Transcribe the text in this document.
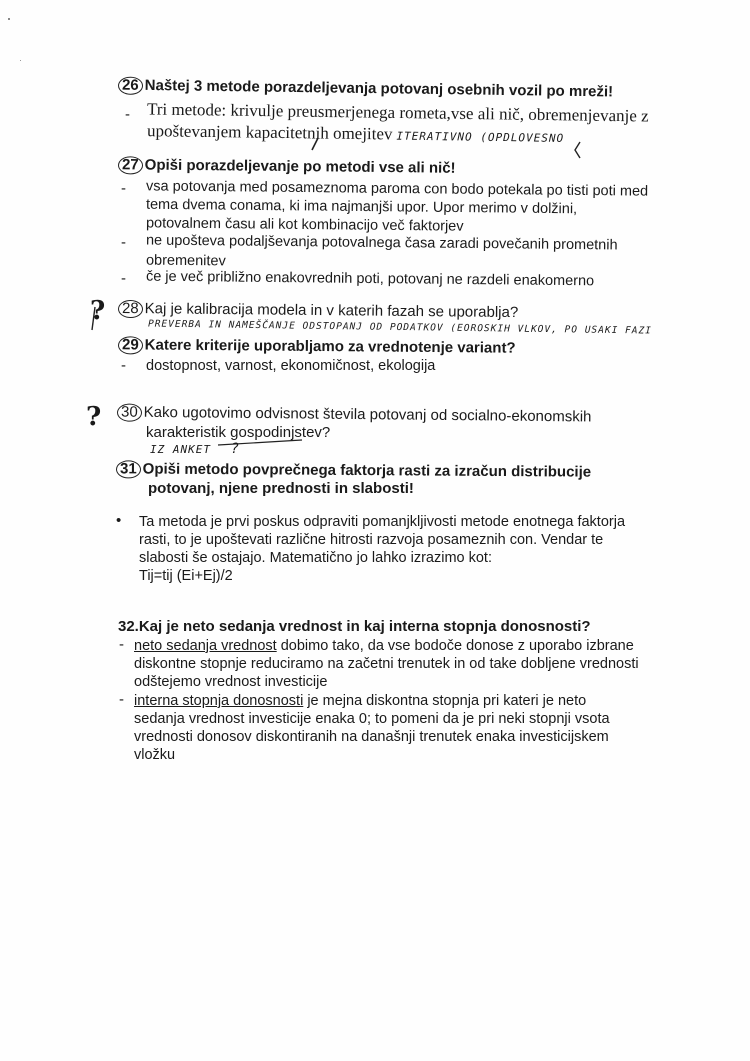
26 Naštej 3 metode porazdeljevanja potovanj osebnih vozil po mreži!
- Tri metode: krivulje preusmerjenega rometa,vse ali nič, obremenjevanje z
upoštevanjem kapacitetnih omejitev ITERATIVNO (OPDLOVESNO
27 Opiši porazdeljevanje po metodi vse ali nič!
- vsa potovanja med posameznoma paroma con bodo potekala po tisti poti med
tema dvema conama, ki ima najmanjši upor. Upor merimo v dolžini,
potovalnem času ali kot kombinacijo več faktorjev
- ne upošteva podaljševanja potovalnega časa zaradi povečanih prometnih
obremenitev
- če je več približno enakovrednih poti, potovanj ne razdeli enakomerno
? 28 Kaj je kalibracija modela in v katerih fazah se uporablja?
PREVERBA IN NAMEŠČANJE ODSTOPANJ OD PODATKOV (EOROSKIH VLKOV, PO USAKI FAZI
29 Katere kriterije uporabljamo za vrednotenje variant?
- dostopnost, varnost, ekonomičnost, ekologija
? 30 Kako ugotovimo odvisnost števila potovanj od socialno-ekonomskih
karakteristik gospodinjstev?
IZ ANKET ?
31 Opiši metodo povprečnega faktorja rasti za izračun distribucije
potovanj, njene prednosti in slabosti!
• Ta metoda je prvi poskus odpraviti pomanjkljivosti metode enotnega faktorja
rasti, to je upoštevati različne hitrosti razvoja posameznih con. Vendar te
slabosti še ostajajo. Matematično jo lahko izrazimo kot:
Tij=tij (Ei+Ej)/2
32.Kaj je neto sedanja vrednost in kaj interna stopnja donosnosti?
- neto sedanja vrednost dobimo tako, da vse bodoče donose z uporabo izbrane
diskontne stopnje reduciramo na začetni trenutek in od take dobljene vrednosti
odštejemo vrednost investicije
- interna stopnja donosnosti je mejna diskontna stopnja pri kateri je neto
sedanja vrednost investicije enaka 0; to pomeni da je pri neki stopnji vsota
vrednosti donosov diskontiranih na današnji trenutek enaka investicijskem
vložku
